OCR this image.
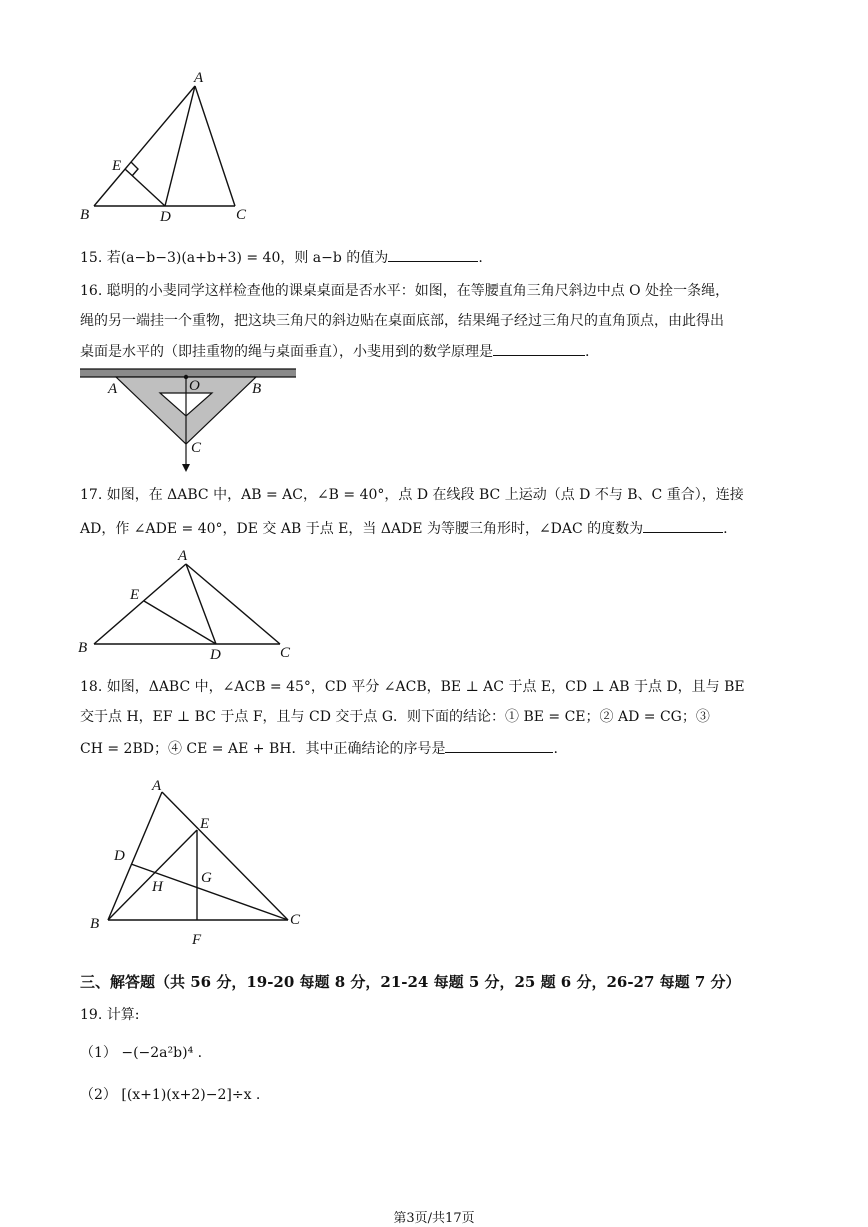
A
E
B	D	C
15. 若(a−b−3)(a+b+3) = 40，则 a−b 的值为	.
16. 聪明的小斐同学这样检查他的课桌桌面是否水平：如图，在等腰直角三角尺斜边中点 O 处拴一条绳，
绳的另一端挂一个重物，把这块三角尺的斜边贴在桌面底部，结果绳子经过三角尺的直角顶点，由此得出
桌面是水平的（即挂重物的绳与桌面垂直），小斐用到的数学原理是	.
A	O	B
C
17. 如图，在 ΔABC 中，AB = AC，∠B = 40°，点 D 在线段 BC 上运动（点 D 不与 B、C 重合），连接
AD，作 ∠ADE = 40°，DE 交 AB 于点 E，当 ΔADE 为等腰三角形时，∠DAC 的度数为	.
A
E
B	D	C
18. 如图，ΔABC 中，∠ACB = 45°，CD 平分 ∠ACB，BE ⊥ AC 于点 E，CD ⊥ AB 于点 D，且与 BE
交于点 H，EF ⊥ BC 于点 F，且与 CD 交于点 G．则下面的结论：① BE = CE；② AD = CG；③
CH = 2BD；④ CE = AE + BH．其中正确结论的序号是	.
A
E
D
G
H
B	C
F
三、解答题（共 56 分，19-20 每题 8 分，21-24 每题 5 分，25 题 6 分，26-27 每题 7 分）
19. 计算:
（1） −(−2a²b)⁴ .
（2） [(x+1)(x+2)−2]÷x .
第3页/共17页
